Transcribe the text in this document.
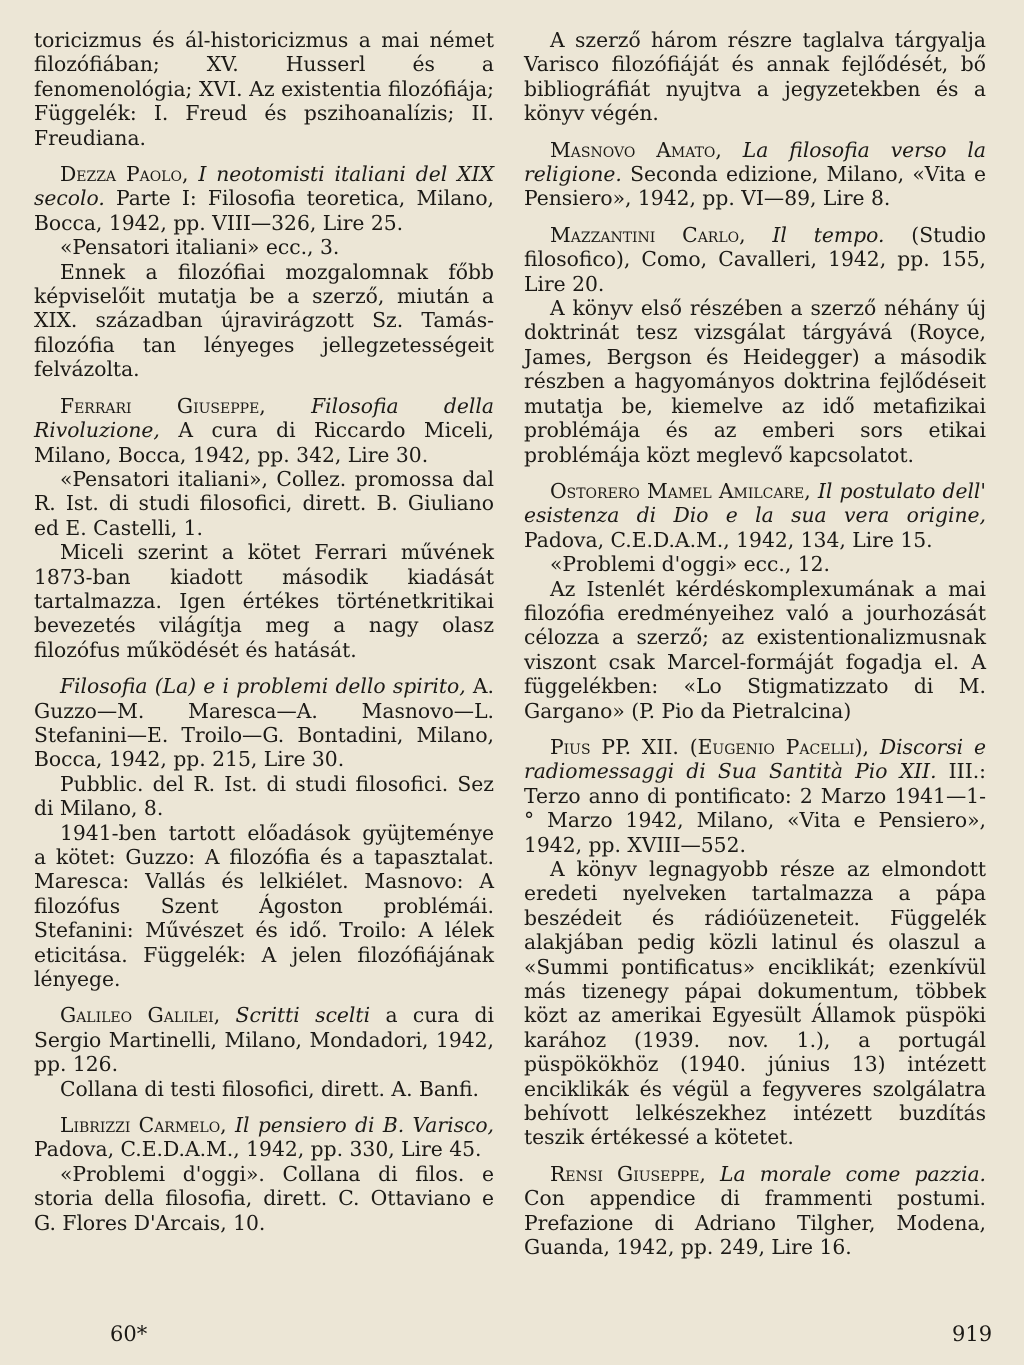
toricizmus és ál-historicizmus a mai német filozófiában; XV. Husserl és a fenomenológia; XVI. Az existentia filozófiája; Függelék: I. Freud és pszihoanalízis; II. Freudiana.

Dezza Paolo, I neotomisti italiani del XIX secolo. Parte I: Filosofia teoretica, Milano, Bocca, 1942, pp. VIII—326, Lire 25.

«Pensatori italiani» ecc., 3.

Ennek a filozófiai mozgalomnak főbb képviselőit mutatja be a szerző, miután a XIX. században újravirágzott Sz. Tamás-filozófia tan lényeges jellegzetességeit felvázolta.

Ferrari Giuseppe, Filosofia della Rivoluzione, A cura di Riccardo Miceli, Milano, Bocca, 1942, pp. 342, Lire 30.

«Pensatori italiani», Collez. promossa dal R. Ist. di studi filosofici, dirett. B. Giuliano ed E. Castelli, 1.

Miceli szerint a kötet Ferrari művének 1873-ban kiadott második kiadását tartalmazza. Igen értékes történetkritikai bevezetés világítja meg a nagy olasz filozófus működését és hatását.

Filosofia (La) e i problemi dello spirito, A. Guzzo—M. Maresca—A. Masnovo—L. Stefanini—E. Troilo—G. Bontadini, Milano, Bocca, 1942, pp. 215, Lire 30.

Pubblic. del R. Ist. di studi filosofici. Sez di Milano, 8.

1941-ben tartott előadások gyüjteménye a kötet: Guzzo: A filozófia és a tapasztalat. Maresca: Vallás és lelkiélet. Masnovo: A filozófus Szent Ágoston problémái. Stefanini: Művészet és idő. Troilo: A lélek eticitása. Függelék: A jelen filozófiájának lényege.

Galileo Galilei, Scritti scelti a cura di Sergio Martinelli, Milano, Mondadori, 1942, pp. 126.

Collana di testi filosofici, dirett. A. Banfi.

Librizzi Carmelo, Il pensiero di B. Varisco, Padova, C.E.D.A.M., 1942, pp. 330, Lire 45.

«Problemi d'oggi». Collana di filos. e storia della filosofia, dirett. C. Ottaviano e G. Flores D'Arcais, 10.

A szerző három részre taglalva tárgyalja Varisco filozófiáját és annak fejlődését, bő bibliográfiát nyujtva a jegyzetekben és a könyv végén.

Masnovo Amato, La filosofia verso la religione. Seconda edizione, Milano, «Vita e Pensiero», 1942, pp. VI—89, Lire 8.

Mazzantini Carlo, Il tempo. (Studio filosofico), Como, Cavalleri, 1942, pp. 155, Lire 20.

A könyv első részében a szerző néhány új doktrinát tesz vizsgálat tárgyává (Royce, James, Bergson és Heidegger) a második részben a hagyományos doktrina fejlődéseit mutatja be, kiemelve az idő metafizikai problémája és az emberi sors etikai problémája közt meglevő kapcsolatot.

Ostorero Mamel Amilcare, Il postulato dell' esistenza di Dio e la sua vera origine, Padova, C.E.D.A.M., 1942, 134, Lire 15.

«Problemi d'oggi» ecc., 12.

Az Istenlét kérdéskomplexumának a mai filozófia eredményeihez való a jourhozását célozza a szerző; az existentionalizmusnak viszont csak Marcel-formáját fogadja el. A függelékben: «Lo Stigmatizzato di M. Gargano» (P. Pio da Pietralcina)

Pius PP. XII. (Eugenio Pacelli), Discorsi e radiomessaggi di Sua Santità Pio XII. III.: Terzo anno di pontificato: 2 Marzo 1941—1-° Marzo 1942, Milano, «Vita e Pensiero», 1942, pp. XVIII—552.

A könyv legnagyobb része az elmondott eredeti nyelveken tartalmazza a pápa beszédeit és rádióüzeneteit. Függelék alakjában pedig közli latinul és olaszul a «Summi pontificatus» enciklikát; ezenkívül más tizenegy pápai dokumentum, többek közt az amerikai Egyesült Államok püspöki karához (1939. nov. 1.), a portugál püspökökhöz (1940. június 13) intézett enciklikák és végül a fegyveres szolgálatra behívott lelkészekhez intézett buzdítás teszik értékessé a kötetet.

Rensi Giuseppe, La morale come pazzia. Con appendice di frammenti postumi. Prefazione di Adriano Tilgher, Modena, Guanda, 1942, pp. 249, Lire 16.

60*	919
